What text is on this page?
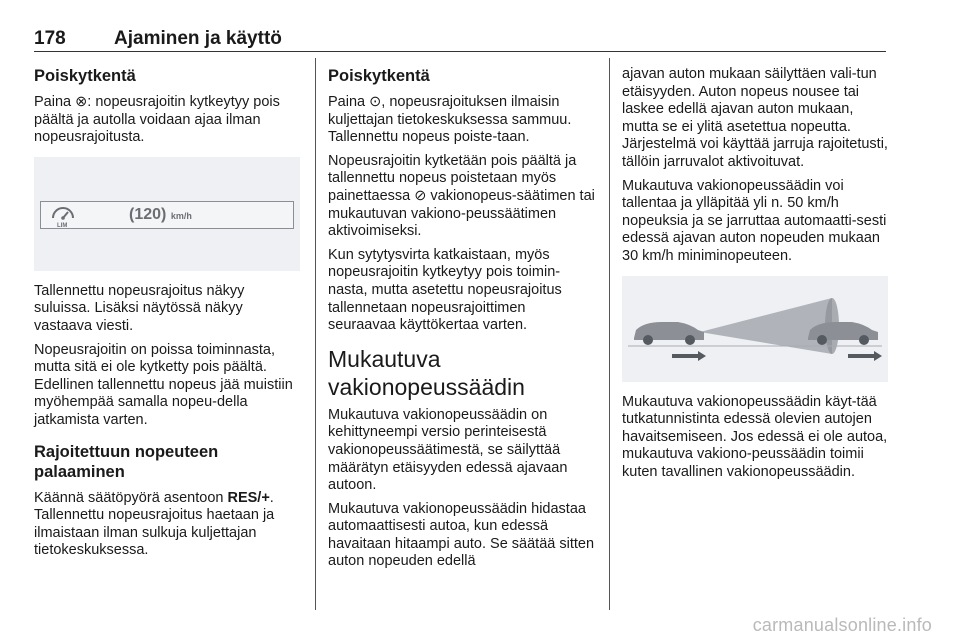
178	Ajaminen ja käyttö
Poiskytkentä

Paina ⊗: nopeusrajoitin kytkeytyy pois päältä ja autolla voidaan ajaa ilman nopeusrajoitusta.

LIM
(120) km/h

Tallennettu nopeusrajoitus näkyy suluissa. Lisäksi näytössä näkyy vastaava viesti.

Nopeusrajoitin on poissa toiminnasta, mutta sitä ei ole kytketty pois päältä. Edellinen tallennettu nopeus jää muistiin myöhempää samalla nopeu-della jatkamista varten.

Rajoitettuun nopeuteen palaaminen

Käännä säätöpyörä asentoon RES/+. Tallennettu nopeusrajoitus haetaan ja ilmaistaan ilman sulkuja kuljettajan tietokeskuksessa.

Poiskytkentä

Paina ⊙, nopeusrajoituksen ilmaisin kuljettajan tietokeskuksessa sammuu. Tallennettu nopeus poiste-taan.

Nopeusrajoitin kytketään pois päältä ja tallennettu nopeus poistetaan myös painettaessa ⊘ vakionopeus-säätimen tai mukautuvan vakiono-peussäätimen aktivoimiseksi.

Kun sytytysvirta katkaistaan, myös nopeusrajoitin kytkeytyy pois toimin-nasta, mutta asetettu nopeusrajoitus tallennetaan nopeusrajoittimen seuraavaa käyttökertaa varten.

Mukautuva vakionopeussäädin

Mukautuva vakionopeussäädin on kehittyneempi versio perinteisestä vakionopeussäätimestä, se säilyttää määrätyn etäisyyden edessä ajavaan autoon.

Mukautuva vakionopeussäädin hidastaa automaattisesti autoa, kun edessä havaitaan hitaampi auto. Se säätää sitten auton nopeuden edellä

ajavan auton mukaan säilyttäen vali-tun etäisyyden. Auton nopeus nousee tai laskee edellä ajavan auton mukaan, mutta se ei ylitä asetettua nopeutta. Järjestelmä voi käyttää jarruja rajoitetusti, tällöin jarruvalot aktivoituvat.

Mukautuva vakionopeussäädin voi tallentaa ja ylläpitää yli n. 50 km/h nopeuksia ja se jarruttaa automaatti-sesti edessä ajavan auton nopeuden mukaan 30 km/h miniminopeuteen.

Mukautuva vakionopeussäädin käyt-tää tutkatunnistinta edessä olevien autojen havaitsemiseen. Jos edessä ei ole autoa, mukautuva vakiono-peussäädin toimii kuten tavallinen vakionopeussäädin.

carmanualsonline.info
